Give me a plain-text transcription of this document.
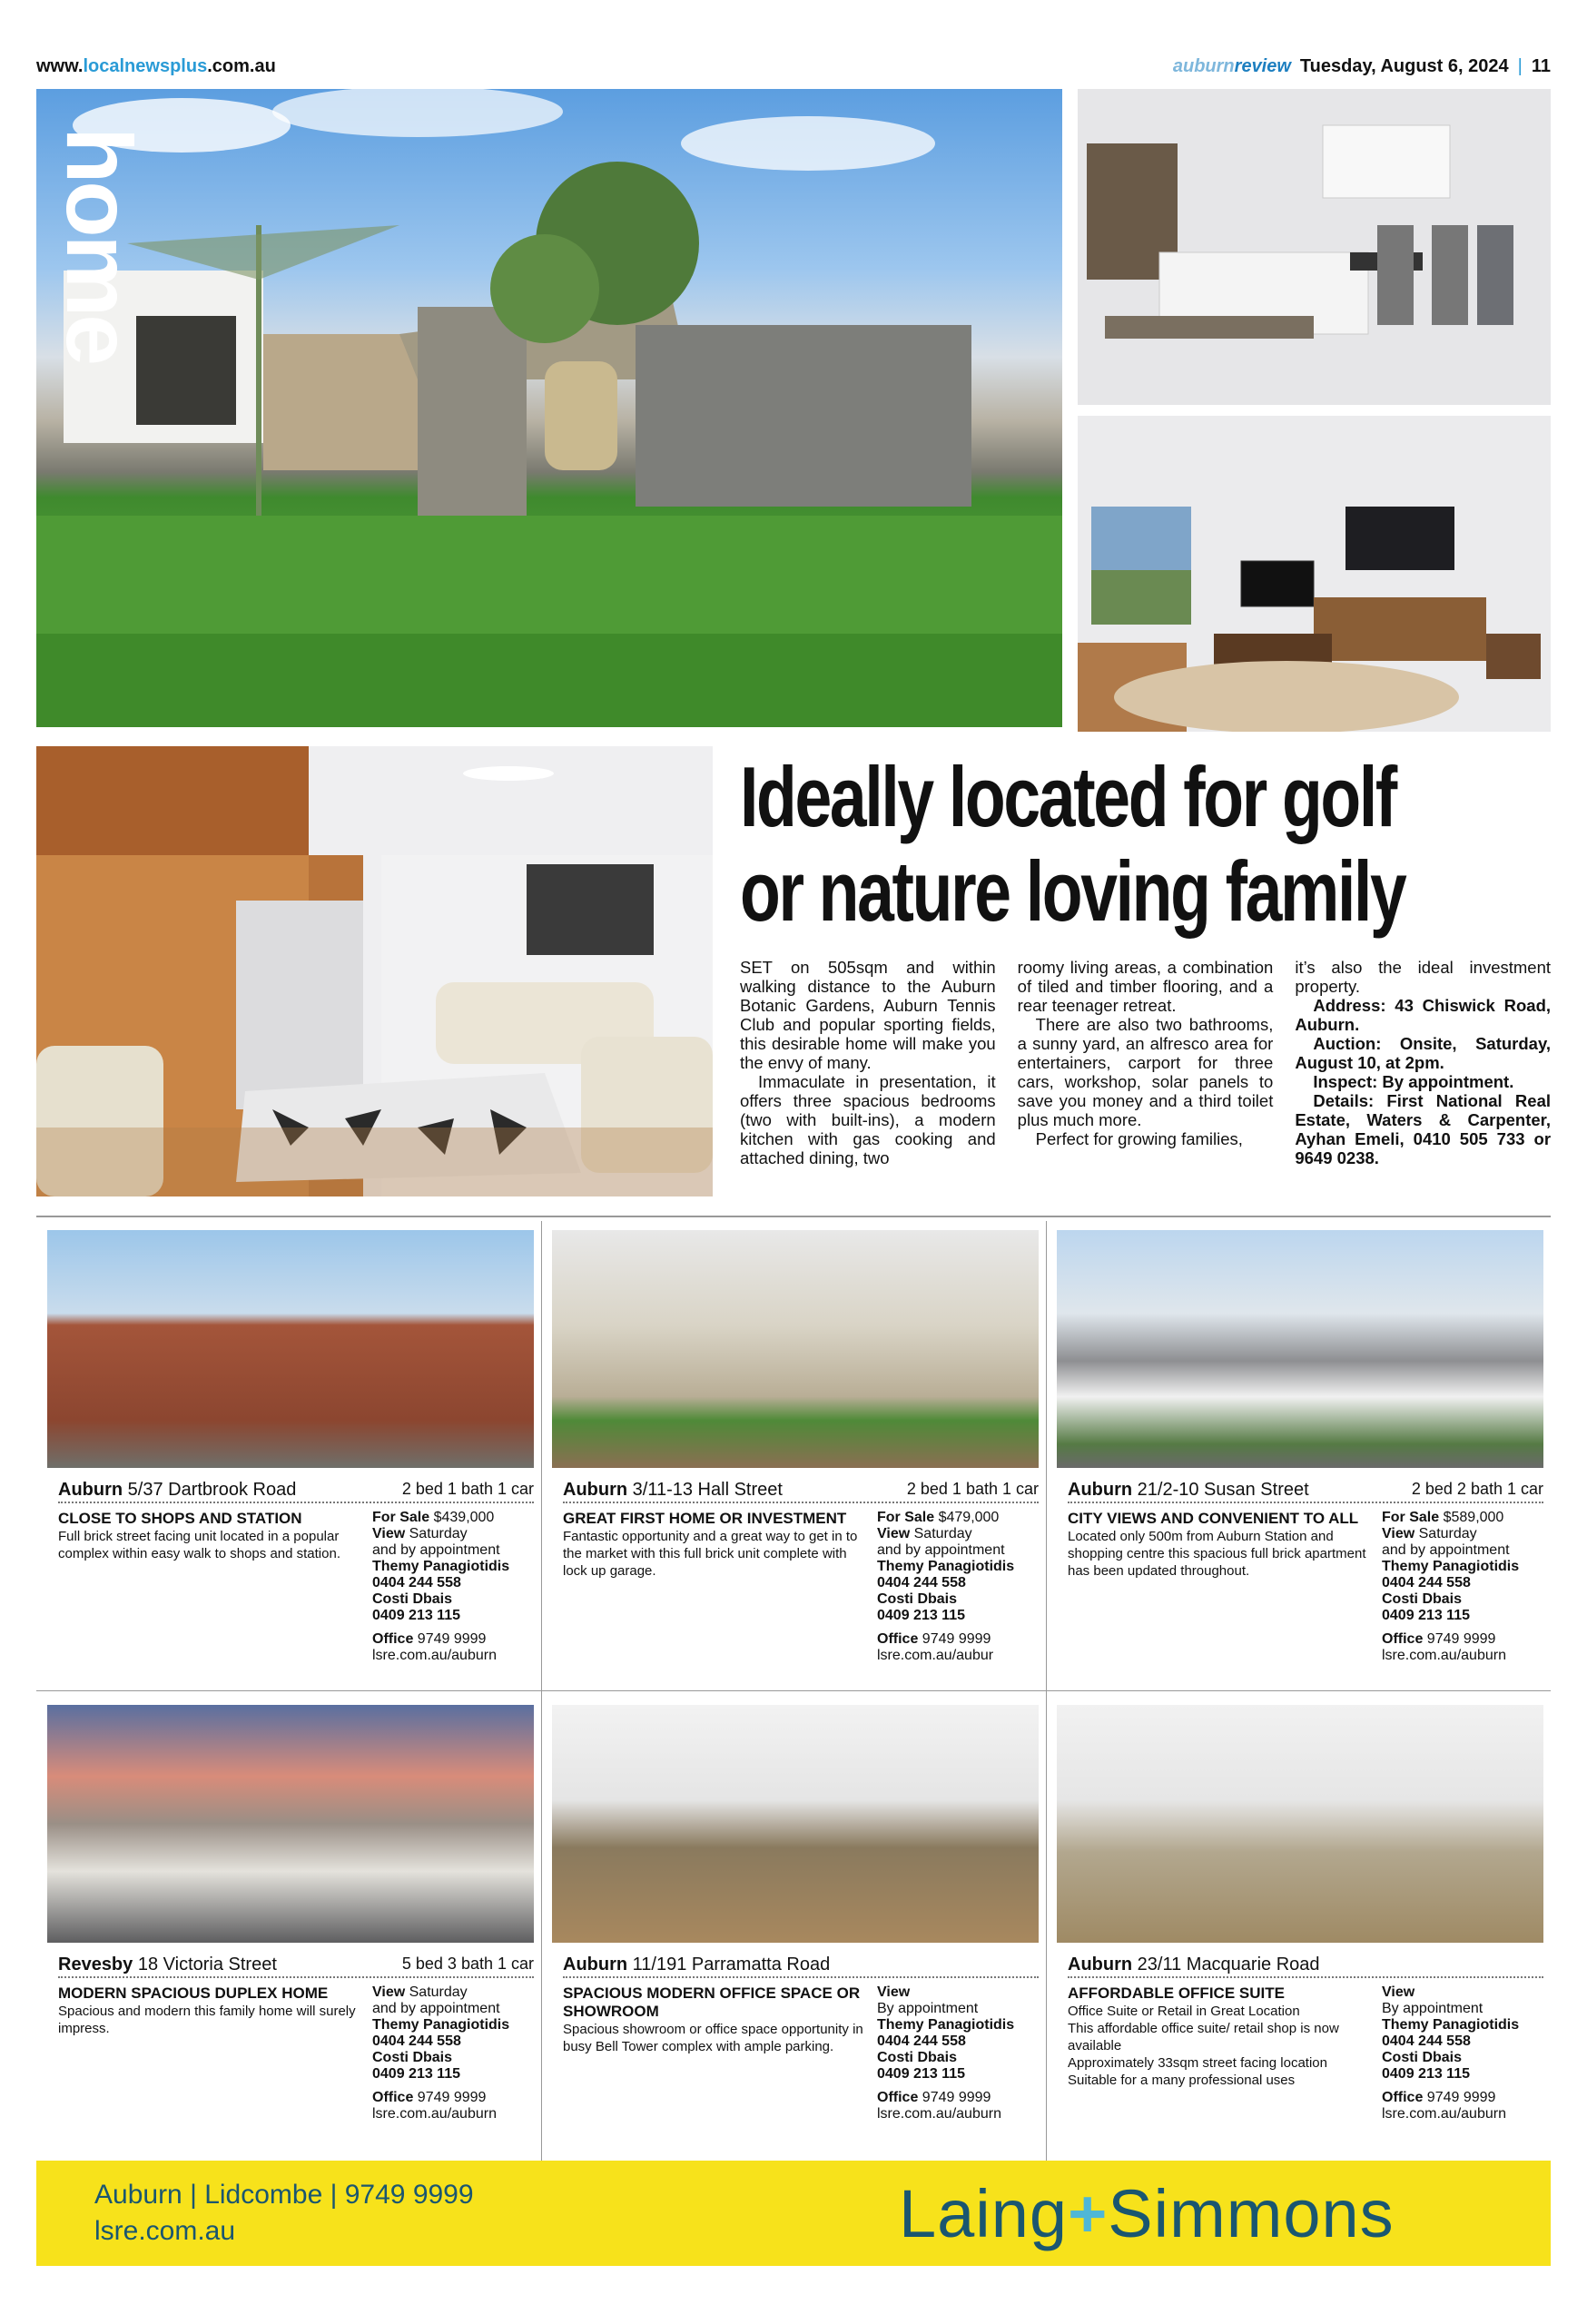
www.localnewsplus.com.au	auburn review Tuesday, August 6, 2024 | 11
home
Ideally located for golf
or nature loving family

SET on 505sqm and within walking distance to the Auburn Botanic Gardens, Auburn Tennis Club and popular sporting fields, this desirable home will make you the envy of many.

Immaculate in presentation, it offers three spacious bedrooms (two with built-ins), a modern kitchen with gas cooking and attached dining, two

roomy living areas, a combination of tiled and timber flooring, and a rear teenager retreat.

There are also two bathrooms, a sunny yard, an alfresco area for entertainers, carport for three cars, workshop, solar panels to save you money and a third toilet plus much more.

Perfect for growing families,

it’s also the ideal investment property.

Address: 43 Chiswick Road, Auburn.

Auction: Onsite, Saturday, August 10, at 2pm.

Inspect: By appointment.

Details: First National Real Estate, Waters & Carpenter, Ayhan Emeli, 0410 505 733 or 9649 0238.

Auburn 5/37 Dartbrook Road	2 bed 1 bath 1 car
CLOSE TO SHOPS AND STATION
Full brick street facing unit located in a popular complex within easy walk to shops and station.
For Sale $439,000
View Saturday
and by appointment
Themy Panagiotidis
0404 244 558
Costi Dbais
0409 213 115
Office 9749 9999
lsre.com.au/auburn
Auburn 3/11-13 Hall Street	2 bed 1 bath 1 car
GREAT FIRST HOME OR INVESTMENT
Fantastic opportunity and a great way to get in to the market with this full brick unit complete with lock up garage.
For Sale $479,000
View Saturday
and by appointment
Themy Panagiotidis
0404 244 558
Costi Dbais
0409 213 115
Office 9749 9999
lsre.com.au/aubur
Auburn 21/2-10 Susan Street	2 bed 2 bath 1 car
CITY VIEWS AND CONVENIENT TO ALL
Located only 500m from Auburn Station and shopping centre this spacious full brick apartment has been updated throughout.
For Sale $589,000
View Saturday
and by appointment
Themy Panagiotidis
0404 244 558
Costi Dbais
0409 213 115
Office 9749 9999
lsre.com.au/auburn
Revesby 18 Victoria Street	5 bed 3 bath 1 car
MODERN SPACIOUS DUPLEX HOME
Spacious and modern this family home will surely impress.
View Saturday
and by appointment
Themy Panagiotidis
0404 244 558
Costi Dbais
0409 213 115
Office 9749 9999
lsre.com.au/auburn
Auburn 11/191 Parramatta Road
SPACIOUS MODERN OFFICE SPACE OR SHOWROOM
Spacious showroom or office space opportunity in busy Bell Tower complex with ample parking.
View
By appointment
Themy Panagiotidis
0404 244 558
Costi Dbais
0409 213 115
Office 9749 9999
lsre.com.au/auburn
Auburn 23/11 Macquarie Road
AFFORDABLE OFFICE SUITE
Office Suite or Retail in Great Location
This affordable office suite/ retail shop is now available
Approximately 33sqm street facing location
Suitable for a many professional uses
View
By appointment
Themy Panagiotidis
0404 244 558
Costi Dbais
0409 213 115
Office 9749 9999
lsre.com.au/auburn
Auburn | Lidcombe | 9749 9999
lsre.com.au	Laing+Simmons
